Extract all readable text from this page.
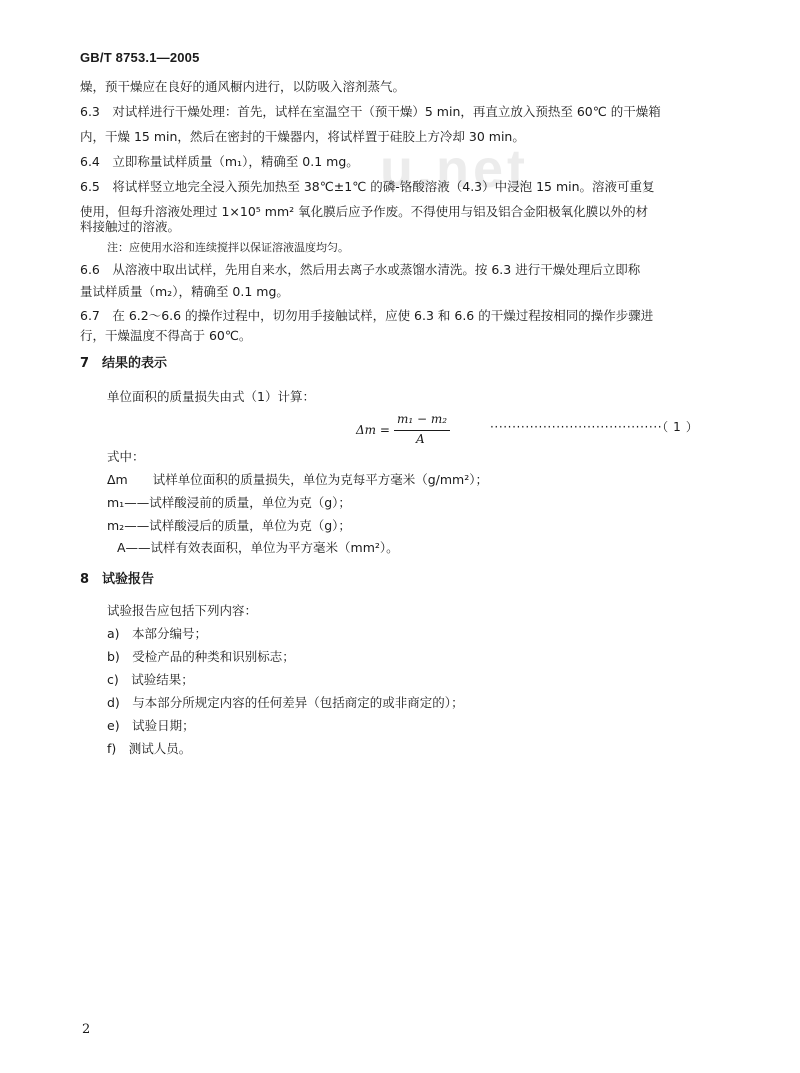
GB/T 8753.1—2005
u.net
燥，预干燥应在良好的通风橱内进行，以防吸入溶剂蒸气。
6.3　对试样进行干燥处理：首先，试样在室温空干（预干燥）5 min，再直立放入预热至 60℃ 的干燥箱
内，干燥 15 min，然后在密封的干燥器内，将试样置于硅胶上方冷却 30 min。
6.4　立即称量试样质量（m₁），精确至 0.1 mg。
6.5　将试样竖立地完全浸入预先加热至 38℃±1℃ 的磷-铬酸溶液（4.3）中浸泡 15 min。溶液可重复
使用，但每升溶液处理过 1×10⁵ mm² 氧化膜后应予作废。不得使用与铝及铝合金阳极氧化膜以外的材
料接触过的溶液。
注：应使用水浴和连续搅拌以保证溶液温度均匀。
6.6　从溶液中取出试样，先用自来水，然后用去离子水或蒸馏水清洗。按 6.3 进行干燥处理后立即称
量试样质量（m₂），精确至 0.1 mg。
6.7　在 6.2～6.6 的操作过程中，切勿用手接触试样，应使 6.3 和 6.6 的干燥过程按相同的操作步骤进
行，干燥温度不得高于 60℃。
7　结果的表示
单位面积的质量损失由式（1）计算：
Δm =
m₁ − m₂
A
·······································（ 1 ）
式中：
Δm　　试样单位面积的质量损失，单位为克每平方毫米（g/mm²）；
m₁——试样酸浸前的质量，单位为克（g）；
m₂——试样酸浸后的质量，单位为克（g）；
A——试样有效表面积，单位为平方毫米（mm²）。
8　试验报告
试验报告应包括下列内容：
a)　本部分编号；
b)　受检产品的种类和识别标志；
c)　试验结果；
d)　与本部分所规定内容的任何差异（包括商定的或非商定的）；
e)　试验日期；
f)　测试人员。
2
